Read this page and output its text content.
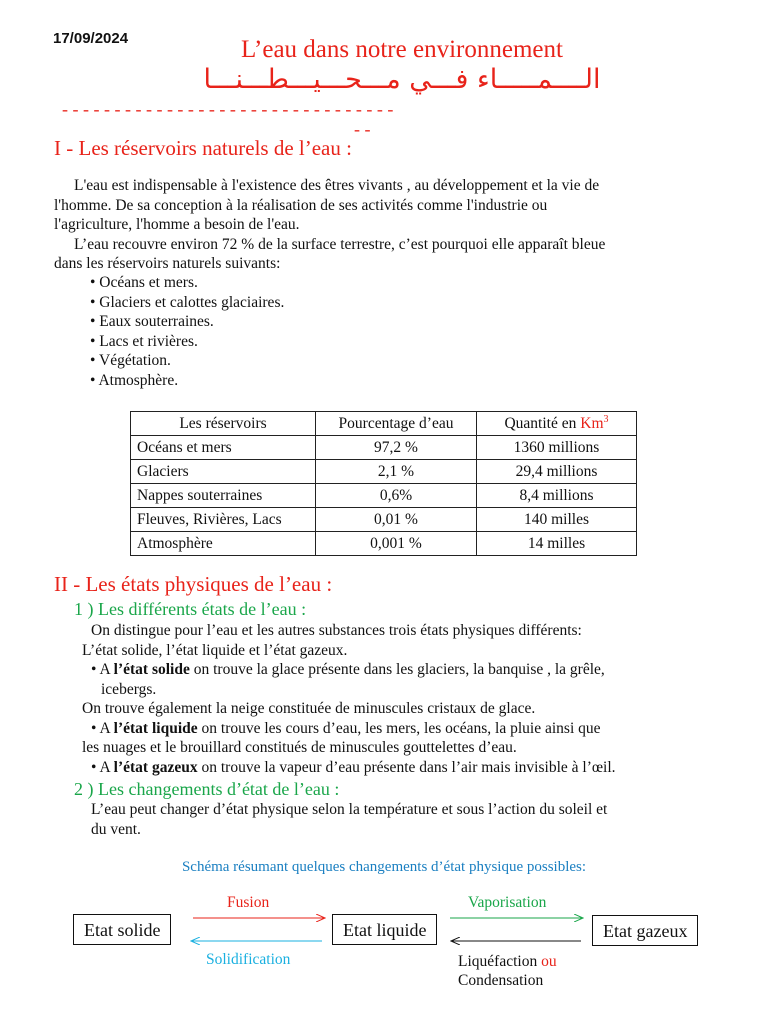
17/09/2024	L’eau dans notre environnement
الــــمـــــاء فـــي مـــحـــيـــطـــنـــا
- - - - - - - - - - - - - - - - - - - - - - - - - - - - - - - -
- -
I - Les réservoirs naturels de l’eau :
L'eau est indispensable à l'existence des êtres vivants , au développement et la vie de
l'homme. De sa conception à la réalisation de ses activités comme l'industrie ou
l'agriculture, l'homme a besoin de l'eau.
L’eau recouvre environ 72 % de la surface terrestre, c’est pourquoi elle apparaît bleue
dans les réservoirs naturels suivants:
• Océans et mers.
• Glaciers et calottes glaciaires.
• Eaux souterraines.
• Lacs et rivières.
• Végétation.
• Atmosphère.
Les réservoirs	Pourcentage d’eau	Quantité en Km$^3$
Océans et mers	97,2 %	1360 millions
Glaciers	2,1 %	29,4 millions
Nappes souterraines	0,6%	8,4 millions
Fleuves, Rivières, Lacs	0,01 %	140 milles
Atmosphère	0,001 %	14 milles
II - Les états physiques de l’eau :
1 ) Les différents états de l’eau :
On distingue pour l’eau et les autres substances trois états physiques différents:
L’état solide, l’état liquide et l’état gazeux.
• A l’état solide on trouve la glace présente dans les glaciers, la banquise , la grêle,
icebergs.
On trouve également la neige constituée de minuscules cristaux de glace.
• A l’état liquide on trouve les cours d’eau, les mers, les océans, la pluie ainsi que
les nuages et le brouillard constitués de minuscules gouttelettes d’eau.
• A l’état gazeux on trouve la vapeur d’eau présente dans l’air mais invisible à l’œil.
2 ) Les changements d’état de l’eau :
L’eau peut changer d’état physique selon la température et sous l’action du soleil et
du vent.
Schéma résumant quelques changements d’état physique possibles:
Etat solide	Etat liquide	Etat gazeux
Fusion
Solidification
Vaporisation
Liquéfaction ou
Condensation
